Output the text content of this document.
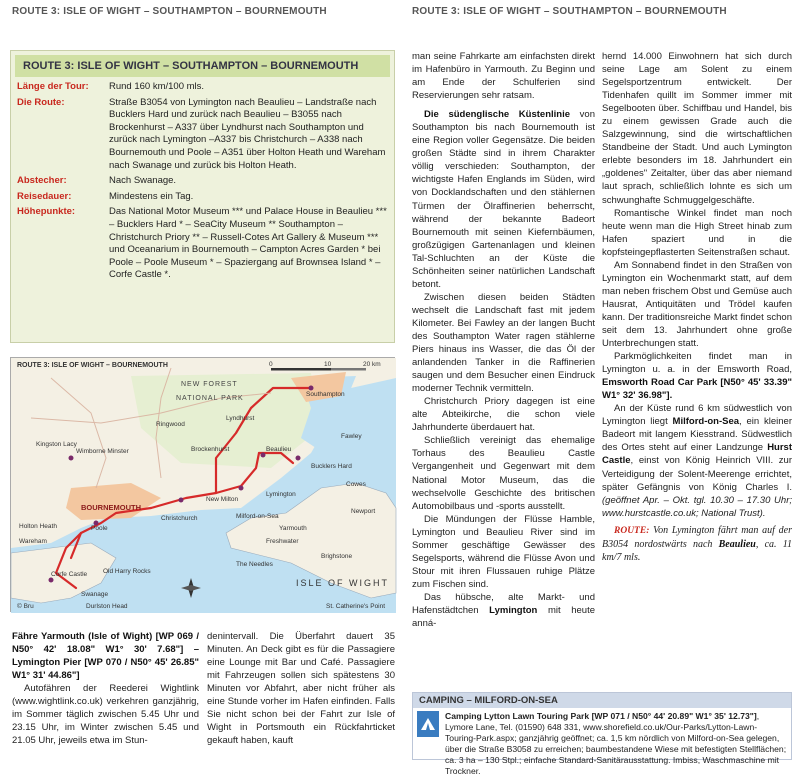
ROUTE 3: ISLE OF WIGHT – SOUTHAMPTON – BOURNEMOUTH	ROUTE 3: ISLE OF WIGHT – SOUTHAMPTON – BOURNEMOUTH
ROUTE 3: ISLE OF WIGHT – SOUTHAMPTON – BOURNEMOUTH
Länge der Tour:	Rund 160 km/100 mls.
Die Route:	Straße B3054 von Lymington nach Beaulieu – Landstraße nach Bucklers Hard und zurück nach Beaulieu – B3055 nach Brockenhurst – A337 über Lyndhurst nach Southampton und zurück nach Lymington –A337 bis Christchurch – A338 nach Bournemouth und Poole – A351 über Holton Heath und Wareham nach Swanage und zurück bis Holton Heath.
Abstecher:	Nach Swanage.
Reisedauer:	Mindestens ein Tag.
Höhepunkte:	Das National Motor Museum *** und Palace House in Beaulieu *** – Bucklers Hard * – SeaCity Museum ** Southampton – Christchurch Priory ** – Russell-Cotes Art Gallery & Museum *** und Oceanarium in Bournemouth – Campton Acres Garden * bei Poole – Poole Museum * – Spaziergang auf Brownsea Island * – Corfe Castle *.
0	10	20 km
NEW FOREST
NATIONAL PARK
ISLE OF WIGHT
Southampton
BOURNEMOUTH
Lyndhurst
Ringwood
Brockenhurst	Beaulieu
Bucklers Hard
Fawley
New Milton
Lymington
Milford-on-Sea
Yarmouth
Freshwater
The Needles
Brighstone
Newport
Cowes
Christchurch
Poole
Wimborne Minster
Kingston Lacy
Holton Heath
Wareham
Corfe Castle
Swanage
Old Harry Rocks
Durlston Head	St. Catherine's Point
© Bru
ROUTE 3: ISLE OF WIGHT – BOURNEMOUTH

Fähre Yarmouth (Isle of Wight) [WP 069 / N50° 42' 18.08" W1° 30' 7.68"] – Lymington Pier [WP 070 / N50° 45' 26.85" W1° 31' 44.86"]

Autofähren der Reederei Wightlink (www.wightlink.co.uk) verkehren ganzjährig, im Sommer täglich zwischen 5.45 Uhr und 23.15 Uhr, im Winter zwischen 5.45 und 21.05 Uhr, jeweils etwa im Stun-

denintervall. Die Überfahrt dauert 35 Minuten. An Deck gibt es für die Passagiere eine Lounge mit Bar und Café. Passagiere mit Fahrzeugen sollen sich spätestens 30 Minuten vor Abfahrt, aber nicht früher als eine Stunde vorher im Hafen einfinden. Falls Sie nicht schon bei der Fahrt zur Isle of Wight in Portsmouth ein Rückfahrticket gekauft haben, kauft

man seine Fahrkarte am einfachsten direkt im Hafenbüro in Yarmouth. Zu Beginn und am Ende der Schulferien sind Reservierungen sehr ratsam.

Die südenglische Küstenlinie von Southampton bis nach Bournemouth ist eine Region voller Gegensätze. Die beiden großen Städte sind in ihrem Charakter völlig verschieden: Southampton, der wichtigste Hafen Englands im Süden, wird von Docklandschaften und den stählernen Türmen der Ölraffinerien beherrscht, während der bekannte Badeort Bournemouth mit seinen Kiefernbäumen, großzügigen Gartenanlagen und kleinen Tal-Schluchten an der Küste die Schönheiten seiner natürlichen Landschaft betont.

Zwischen diesen beiden Städten wechselt die Landschaft fast mit jedem Kilometer. Bei Fawley an der langen Bucht des Southampton Water ragen stählerne Piers hinaus ins Wasser, die das Öl der anlandenden Tanker in die Raffinerien saugen und dem Besucher einen Eindruck moderner Technik vermitteln.

Christchurch Priory dagegen ist eine alte Abteikirche, die schon viele Jahrhunderte überdauert hat.

Schließlich vereinigt das ehemalige Torhaus des Beaulieu Castle Vergangenheit und Gegenwart mit dem National Motor Museum, das die wechselvolle Geschichte des britischen Automobilbaus und -sports ausstellt.

Die Mündungen der Flüsse Hamble, Lymington und Beaulieu River sind im Sommer geschäftige Gewässer des Segelsports, während die Flüsse Avon und Stour mit ihren Flussauen ruhige Plätze zum Fischen sind.

Das hübsche, alte Markt- und Hafenstädtchen Lymington mit heute anná-

hernd 14.000 Einwohnern hat sich durch seine Lage am Solent zu einem Segelsportzentrum entwickelt. Der Tidenhafen quillt im Sommer immer mit Segelbooten über. Schiffbau und Handel, bis zu einem gewissen Grade auch die Salzgewinnung, sind die wirtschaftlichen Standbeine der Stadt. Und auch Lymington erlebte besonders im 18. Jahrhundert ein „goldenes" Zeitalter, über das aber niemand laut sprach, schließlich lohnte es sich um schwunghafte Schmuggelgeschäfte.

Romantische Winkel findet man noch heute wenn man die High Street hinab zum Hafen spaziert und in die kopfsteingepflasterten Seitenstraßen schaut.

Am Sonnabend findet in den Straßen von Lymington ein Wochenmarkt statt, auf dem man neben frischem Obst und Gemüse auch Hausrat, Antiquitäten und Trödel kaufen kann. Der traditionsreiche Markt findet schon seit dem 13. Jahrhundert ohne große Unterbrechungen statt.

Parkmöglichkeiten findet man in Lymington u. a. in der Emsworth Road, Emsworth Road Car Park [N50° 45' 33.39" W1° 32' 36.98"].

An der Küste rund 6 km südwestlich von Lymington liegt Milford-on-Sea, ein kleiner Badeort mit langem Kiesstrand. Südwestlich des Ortes steht auf einer Landzunge Hurst Castle, einst von König Heinrich VIII. zur Verteidigung der Solent-Meerenge errichtet, später Gefängnis von König Charles I. (geöffnet Apr. – Okt. tgl. 10.30 – 17.30 Uhr; www.hurstcastle.co.uk; National Trust).

ROUTE: Von Lymington fährt man auf der B3054 nordostwärts nach Beaulieu, ca. 11 km/7 mls.

CAMPING – MILFORD-ON-SEA
Camping Lytton Lawn Touring Park [WP 071 / N50° 44' 20.89" W1° 35' 12.73"], Lymore Lane, Tel. (01590) 648 331, www.shorefield.co.uk/Our-Parks/Lytton-Lawn-Touring-Park.aspx; ganzjährig geöffnet; ca. 1,5 km nördlich von Milford-on-Sea gelegen, über die Straße B3058 zu erreichen; baumbestandene Wiese mit befestigten Stellflächen; ca. 3 ha – 130 Stpl.; einfache Standard-Sanitärausstattung. Imbiss, Waschmaschine mit Trockner.
